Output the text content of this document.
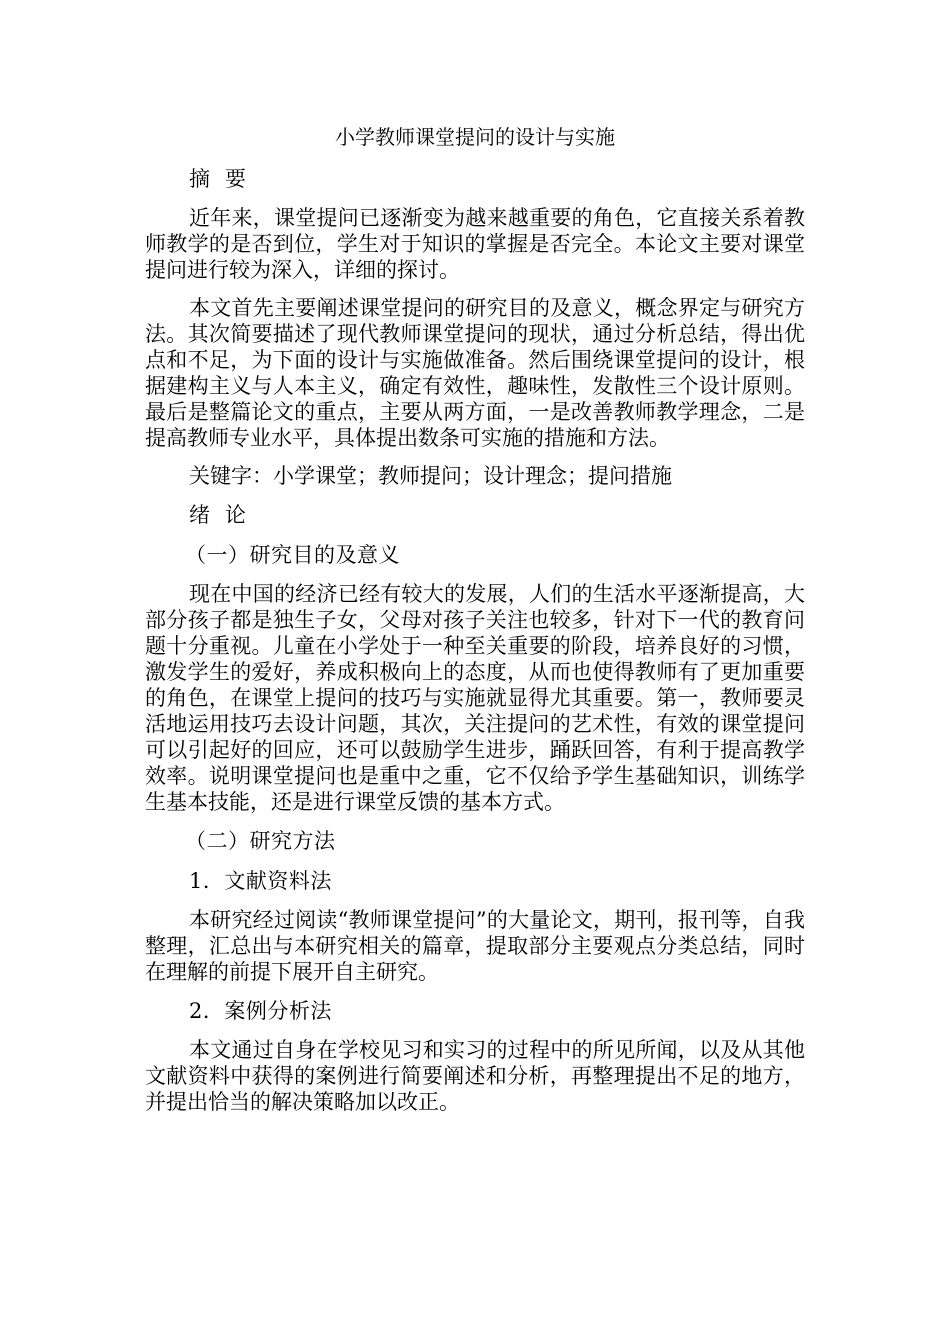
小学教师课堂提问的设计与实施
摘  要

近年来，课堂提问已逐渐变为越来越重要的角色，它直接关系着教师教学的是否到位，学生对于知识的掌握是否完全。本论文主要对课堂提问进行较为深入，详细的探讨。

本文首先主要阐述课堂提问的研究目的及意义，概念界定与研究方法。其次简要描述了现代教师课堂提问的现状，通过分析总结，得出优点和不足，为下面的设计与实施做准备。然后围绕课堂提问的设计，根据建构主义与人本主义，确定有效性，趣味性，发散性三个设计原则。最后是整篇论文的重点，主要从两方面，一是改善教师教学理念，二是提高教师专业水平，具体提出数条可实施的措施和方法。

关键字：小学课堂；教师提问；设计理念；提问措施

绪  论
（一）研究目的及意义

现在中国的经济已经有较大的发展，人们的生活水平逐渐提高，大部分孩子都是独生子女，父母对孩子关注也较多，针对下一代的教育问题十分重视。儿童在小学处于一种至关重要的阶段，培养良好的习惯，激发学生的爱好，养成积极向上的态度，从而也使得教师有了更加重要的角色，在课堂上提问的技巧与实施就显得尤其重要。第一，教师要灵活地运用技巧去设计问题，其次，关注提问的艺术性，有效的课堂提问可以引起好的回应，还可以鼓励学生进步，踊跃回答，有利于提高教学效率。说明课堂提问也是重中之重，它不仅给予学生基础知识，训练学生基本技能，还是进行课堂反馈的基本方式。

（二）研究方法
1．文献资料法

本研究经过阅读“教师课堂提问”的大量论文，期刊，报刊等，自我整理，汇总出与本研究相关的篇章，提取部分主要观点分类总结，同时在理解的前提下展开自主研究。

2．案例分析法

本文通过自身在学校见习和实习的过程中的所见所闻，以及从其他文献资料中获得的案例进行简要阐述和分析，再整理提出不足的地方，并提出恰当的解决策略加以改正。
